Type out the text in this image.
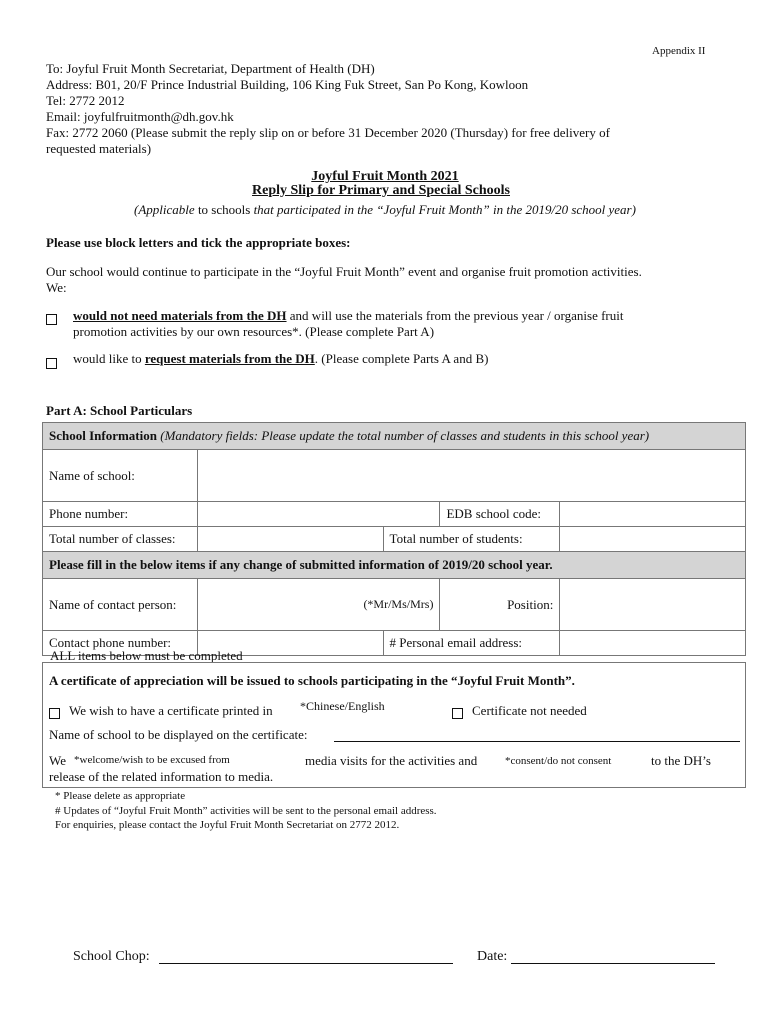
Appendix II
To: Joyful Fruit Month Secretariat, Department of Health (DH)
Address: B01, 20/F Prince Industrial Building, 106 King Fuk Street, San Po Kong, Kowloon
Tel: 2772 2012
Email: joyfulfruitmonth@dh.gov.hk
Fax: 2772 2060 (Please submit the reply slip on or before 31 December 2020 (Thursday) for free delivery of
requested materials)
Joyful Fruit Month 2021
Reply Slip for Primary and Special Schools
(Applicable to schools that participated in the “Joyful Fruit Month” in the 2019/20 school year)
Please use block letters and tick the appropriate boxes:
Our school would continue to participate in the “Joyful Fruit Month” event and organise fruit promotion activities.
We:
would not need materials from the DH and will use the materials from the previous year / organise fruit
promotion activities by our own resources*. (Please complete Part A)
would like to request materials from the DH. (Please complete Parts A and B)
Part A: School Particulars
School Information (Mandatory fields: Please update the total number of classes and students in this school year)				
Name of school:				
Phone number:			EDB school code:	
Total number of classes:		Total number of students:		
Please fill in the below items if any change of submitted information of 2019/20 school year.				
Name of contact person:	(*Mr/Ms/Mrs)		Position:	
Contact phone number:		# Personal email address:		
ALL items below must be completed
A certificate of appreciation will be issued to schools participating in the “Joyful Fruit Month”.
We wish to have a certificate printed in *Chinese/English	Certificate not needed
Name of school to be displayed on the certificate:
We *welcome/wish to be excused from	media visits for the activities and	*consent/do not consent	to the DH’s
release of the related information to media.
* Please delete as appropriate
# Updates of “Joyful Fruit Month” activities will be sent to the personal email address.
For enquiries, please contact the Joyful Fruit Month Secretariat on 2772 2012.
School Chop:	Date:
